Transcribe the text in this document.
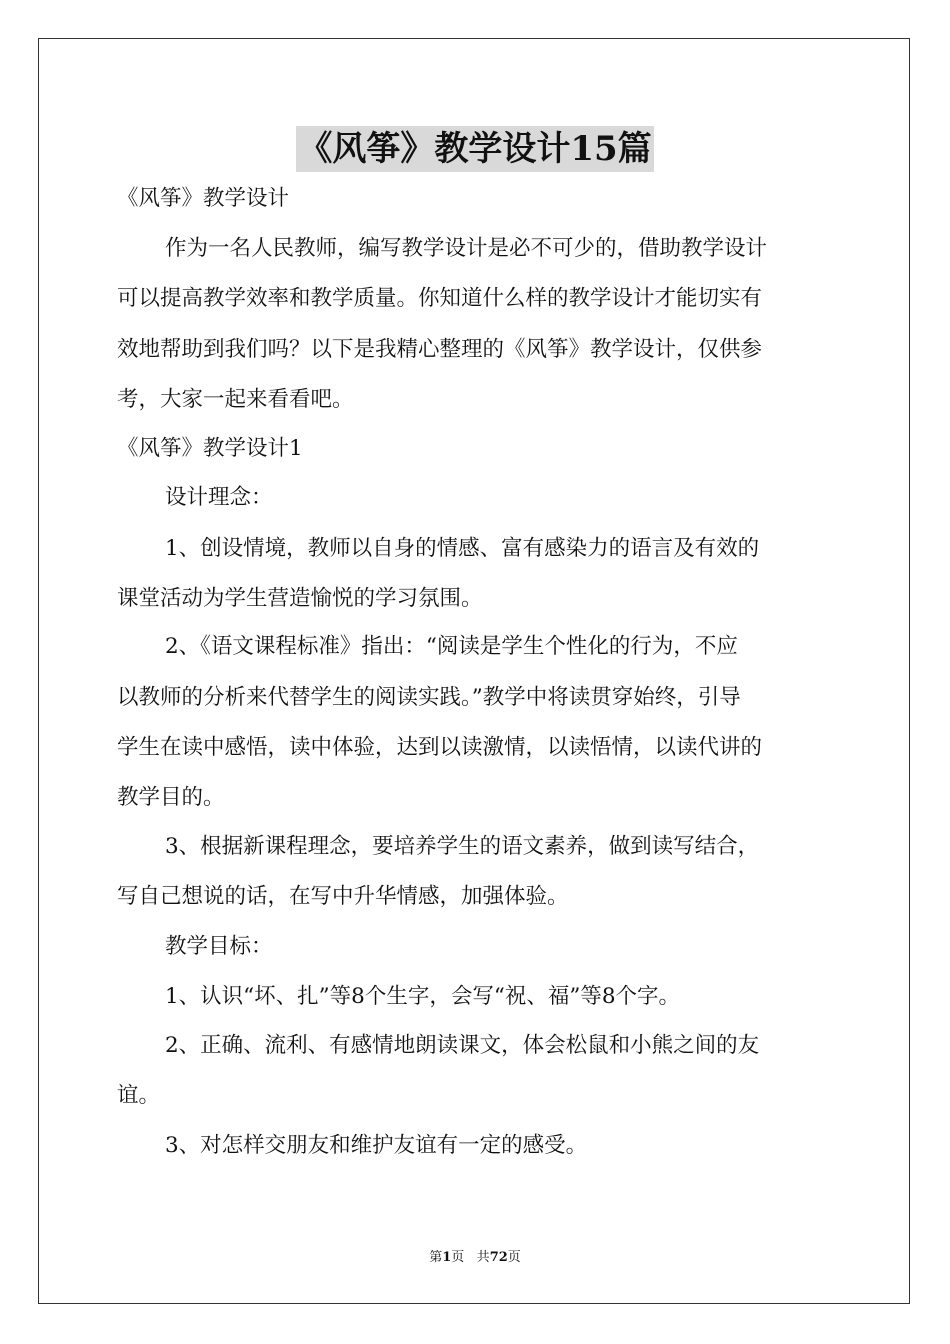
《风筝》教学设计15篇
《风筝》教学设计
作为一名人民教师，编写教学设计是必不可少的，借助教学设计
可以提高教学效率和教学质量。你知道什么样的教学设计才能切实有
效地帮助到我们吗？以下是我精心整理的《风筝》教学设计，仅供参
考，大家一起来看看吧。
《风筝》教学设计1
设计理念：
1、创设情境，教师以自身的情感、富有感染力的语言及有效的
课堂活动为学生营造愉悦的学习氛围。
2、《语文课程标准》指出：“阅读是学生个性化的行为，不应
以教师的分析来代替学生的阅读实践。”教学中将读贯穿始终，引导
学生在读中感悟，读中体验，达到以读激情，以读悟情，以读代讲的
教学目的。
3、根据新课程理念，要培养学生的语文素养，做到读写结合，
写自己想说的话，在写中升华情感，加强体验。
教学目标：
1、认识“坏、扎”等8个生字，会写“祝、福”等8个字。
2、正确、流利、有感情地朗读课文，体会松鼠和小熊之间的友
谊。
3、对怎样交朋友和维护友谊有一定的感受。
第1页 共72页
